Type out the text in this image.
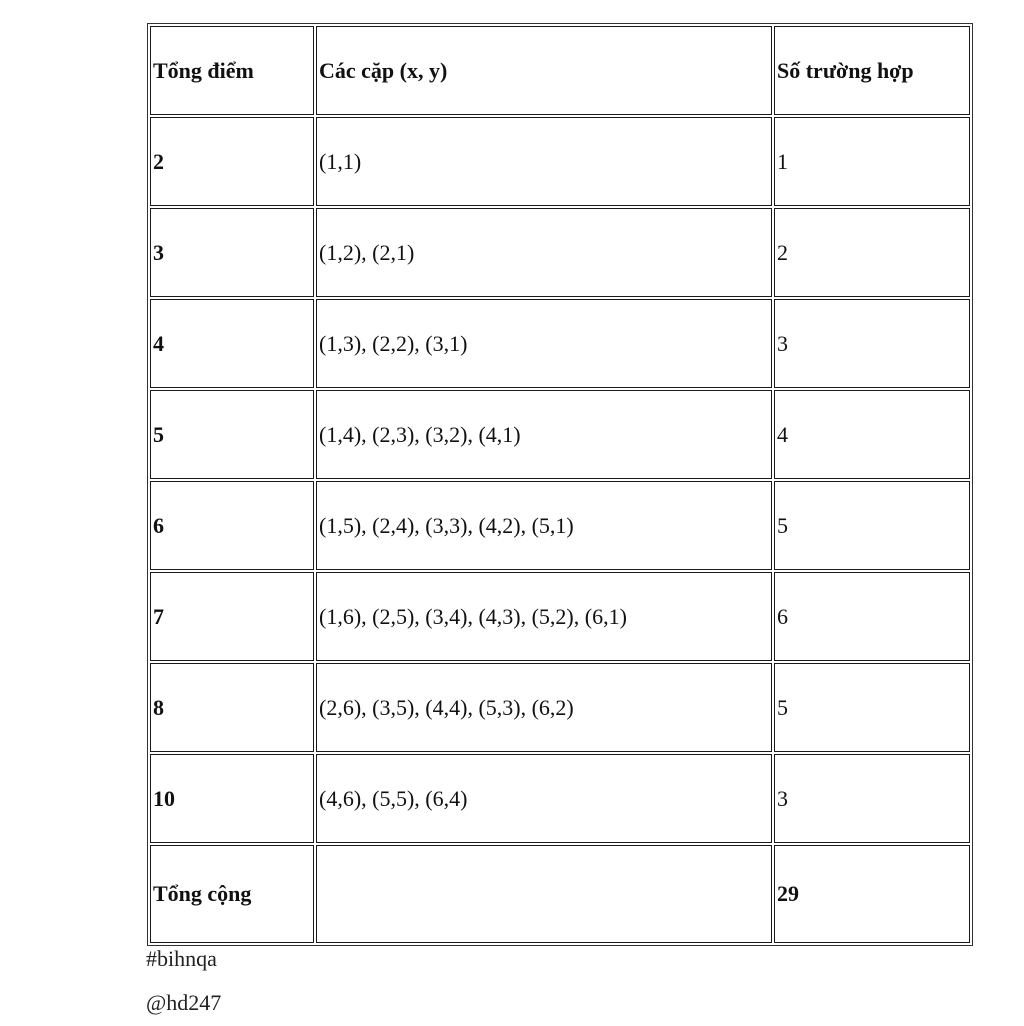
Tổng điểm	Các cặp (x, y)	Số trường hợp
2	(1,1)	1
3	(1,2), (2,1)	2
4	(1,3), (2,2), (3,1)	3
5	(1,4), (2,3), (3,2), (4,1)	4
6	(1,5), (2,4), (3,3), (4,2), (5,1)	5
7	(1,6), (2,5), (3,4), (4,3), (5,2), (6,1)	6
8	(2,6), (3,5), (4,4), (5,3), (6,2)	5
10	(4,6), (5,5), (6,4)	3
Tổng cộng		29
#bihnqa
@hd247
